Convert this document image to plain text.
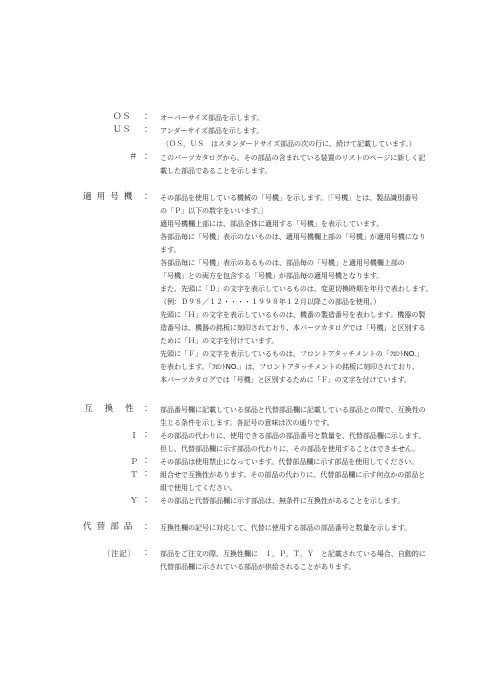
ＯＳ ： オーバーサイズ部品を示します。
ＵＳ ： アンダーサイズ部品を示します。
（ＯＳ，ＵＳ　はスタンダードサイズ部品の次の行に、続けて記載しています。）
＃ ： このパーツカタログから、その部品の含まれている装置のリストのページに新しく記
載した部品であることを示します。
適用号機 ： その部品を使用している機械の「号機」を示します。〔「号機」とは、製品識別番号
の「Ｐ」以下の数字をいいます。〕
適用号機欄上部には、部品全体に適用する「号機」を表示しています。
各部品毎に「号機」表示のないものは、適用号機欄上部の「号機」が適用号機になり
ます。
各部品毎に「号機」表示のあるものは、部品毎の「号機」と適用号機欄上部の
「号機」との両方を包含する「号機」が部品毎の適用号機となります。
また、先頭に「Ｄ」の文字を表示しているものは、変更切換時期を年月で表わします。
（例：Ｄ９８／１２・・・・１９９８年１２月以降この部品を使用。）
先頭に「Ｈ」の文字を表示しているものは、機番の製造番号を表わします。機器の製
造番号は、機器の銘板に刻印されており、本パーツカタログでは「号機」と区別する
ために「Ｈ」の文字を付けています。
先頭に「Ｆ」の文字を表示しているものは、フロントアタッチメントの「ﾌﾛﾝﾄNO.」
を表わします。「ﾌﾛﾝﾄNO.」は、フロントアタッチメントの銘板に刻印されており、
本パーツカタログでは「号機」と区別するために「Ｆ」の文字を付けています。
互換性
： 部品番号欄に記載している部品と代替部品欄に記載している部品との間で、互換性の
生じる条件を示します。各記号の意味は次の通りです。
Ｉ ： その部品の代わりに、使用できる部品の部品番号と数量を、代替部品欄に示します。
但し、代替部品欄に示す部品の代わりに、その部品を使用することはできません。
Ｐ ： その部品は使用禁止になっています。代替部品欄に示す部品を使用してください。
Ｔ ： 組合せで互換性があります。その部品の代わりに、代替部品欄に示す何点かの部品と
組で使用してください。
Ｙ ： その部品と代替部品欄に示す部品は、無条件に互換性があることを示します。
代替部品 ： 互換性欄の記号に対応して、代替に使用する部品の部品番号と数量を示します。
〔注記〕 ： 部品をご注文の際、互換性欄に　Ｉ，Ｐ，Ｔ，Ｙ　と記載されている場合、自動的に
代替部品欄に示されている部品が供給されることがあります。
